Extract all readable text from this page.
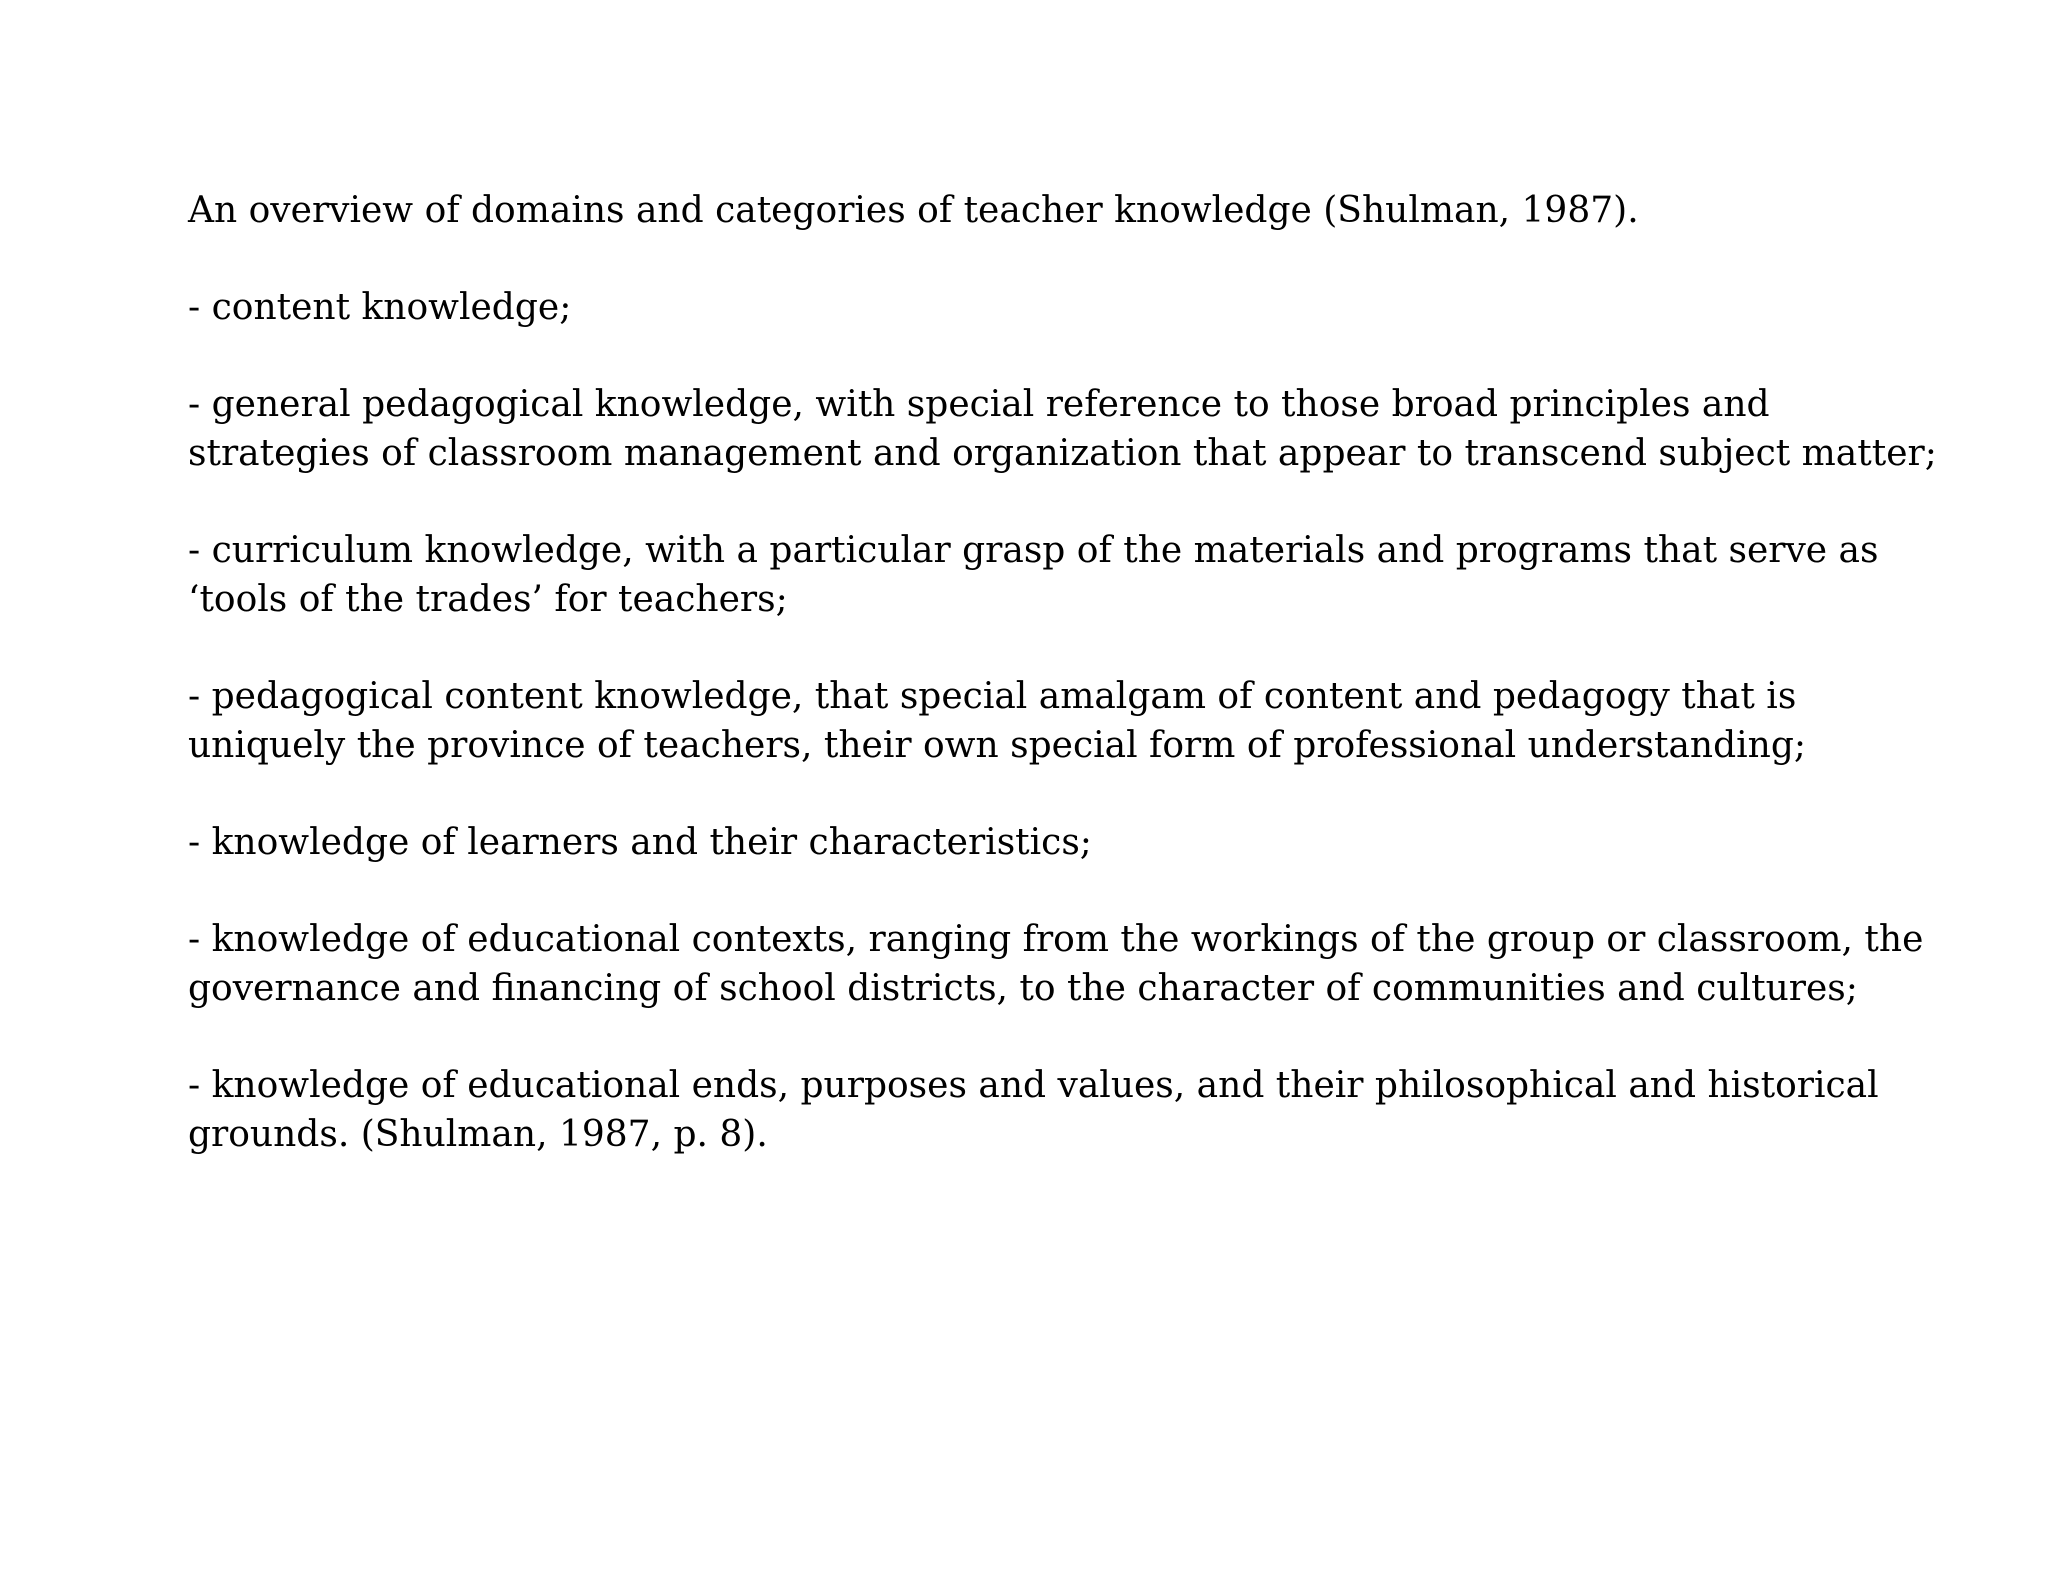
An overview of domains and categories of teacher knowledge (Shulman, 1987).

- content knowledge;

- general pedagogical knowledge, with special reference to those broad principles and

strategies of classroom management and organization that appear to transcend subject matter;

- curriculum knowledge, with a particular grasp of the materials and programs that serve as

‘tools of the trades’ for teachers;

- pedagogical content knowledge, that special amalgam of content and pedagogy that is

uniquely the province of teachers, their own special form of professional understanding;

- knowledge of learners and their characteristics;

- knowledge of educational contexts, ranging from the workings of the group or classroom, the

governance and financing of school districts, to the character of communities and cultures;

- knowledge of educational ends, purposes and values, and their philosophical and historical

grounds. (Shulman, 1987, p. 8).
